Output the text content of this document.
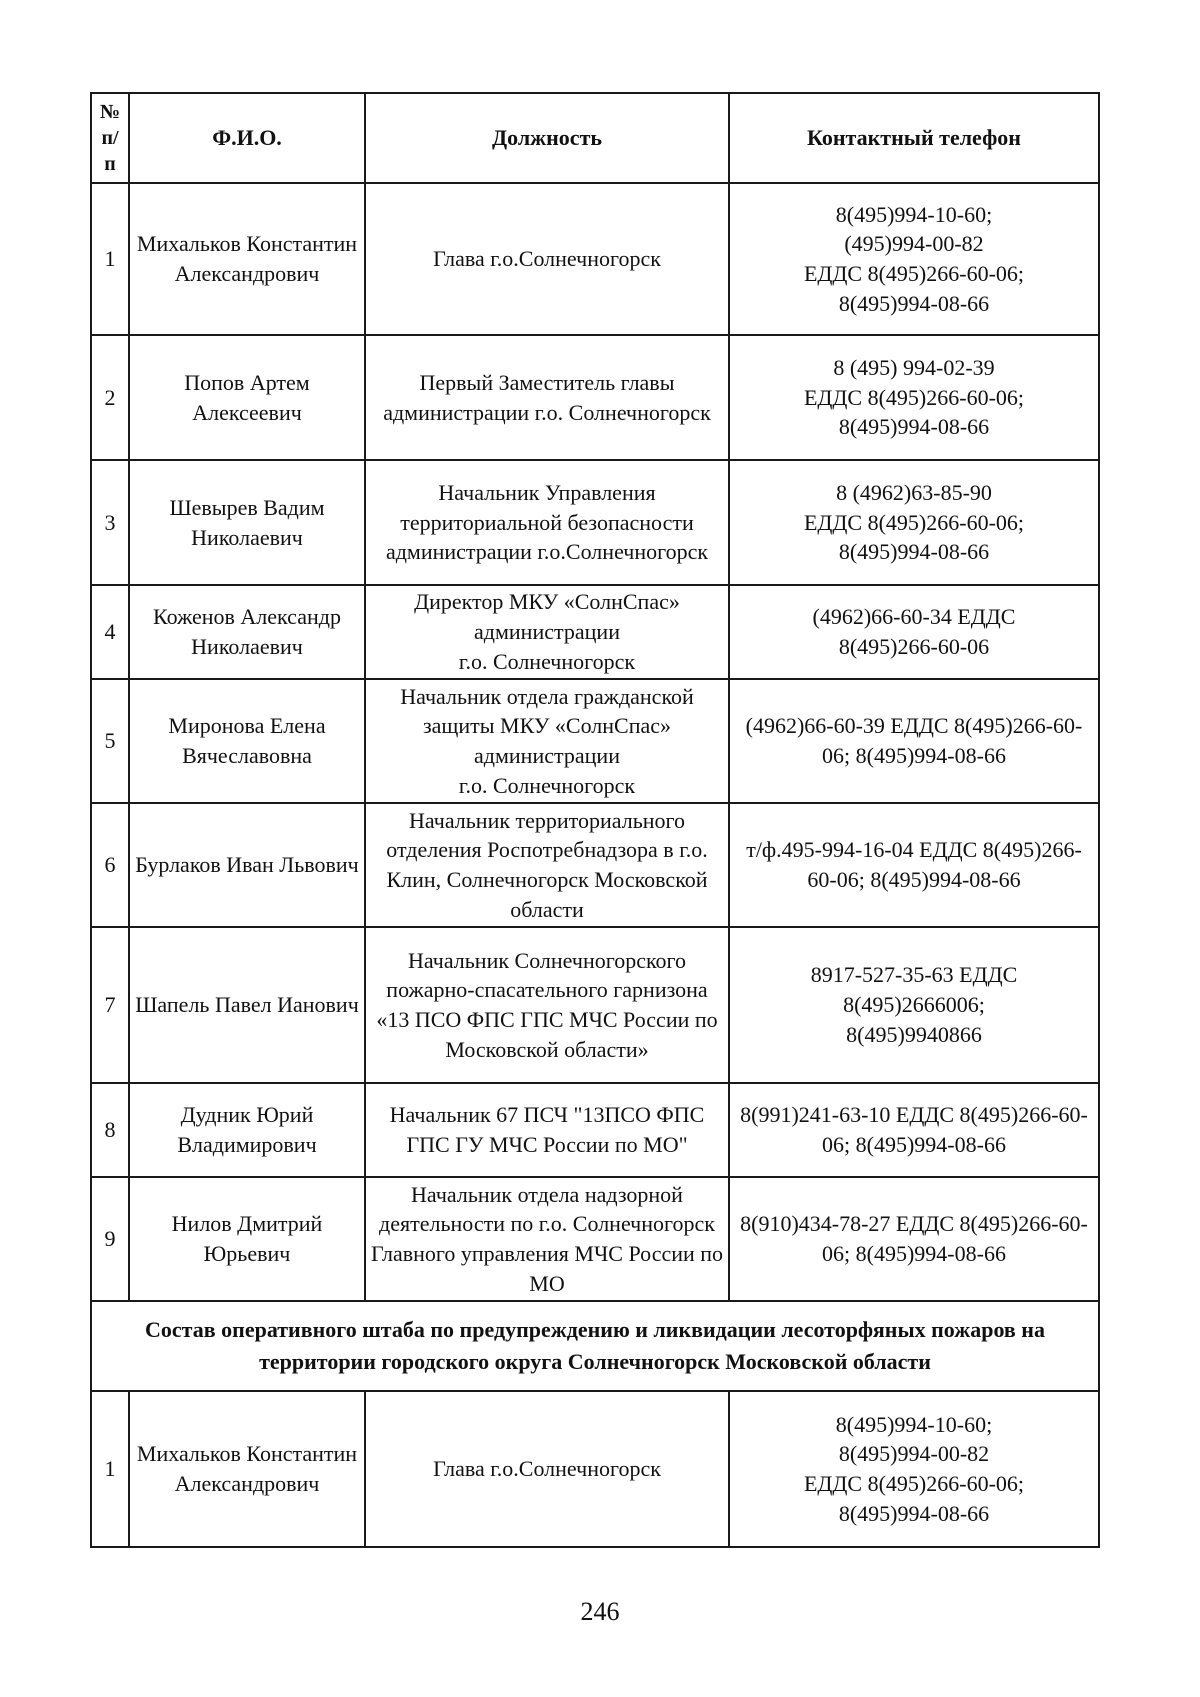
№ п/ п	Ф.И.О.	Должность	Контактный телефон
1	Михальков Константин Александрович	Глава г.о.Солнечногорск	8(495)994-10-60;
(495)994-00-82
ЕДДС 8(495)266-60-06;
8(495)994-08-66
2	Попов Артем
Алексеевич	Первый Заместитель главы администрации г.о. Солнечногорск	8 (495) 994-02-39
ЕДДС 8(495)266-60-06;
8(495)994-08-66
3	Шевырев Вадим
Николаевич	Начальник Управления территориальной безопасности администрации г.о.Солнечногорск	8 (4962)63-85-90
ЕДДС 8(495)266-60-06;
8(495)994-08-66
4	Коженов Александр
Николаевич	Директор МКУ «СолнСпас»
администрации
г.о. Солнечногорск	(4962)66-60-34 ЕДДС
8(495)266-60-06
5	Миронова Елена
Вячеславовна	Начальник отдела гражданской защиты МКУ «СолнСпас»
администрации
г.о. Солнечногорск	(4962)66-60-39 ЕДДС 8(495)266-60-06; 8(495)994-08-66
6	Бурлаков Иван Львович	Начальник территориального отделения Роспотребнадзора в г.о. Клин, Солнечногорск Московской области	т/ф.495-994-16-04 ЕДДС 8(495)266-60-06; 8(495)994-08-66
7	Шапель Павел Ианович	Начальник Солнечногорского пожарно-спасательного гарнизона «13 ПСО ФПС ГПС МЧС России по Московской области»	8917-527-35-63 ЕДДС
8(495)2666006;
8(495)9940866
8	Дудник Юрий
Владимирович	Начальник 67 ПСЧ "13ПСО ФПС ГПС ГУ МЧС России по МО"	8(991)241-63-10 ЕДДС 8(495)266-60-06; 8(495)994-08-66
9	Нилов Дмитрий
Юрьевич	Начальник отдела надзорной деятельности по г.о. Солнечногорск Главного управления МЧС России по МО	8(910)434-78-27 ЕДДС 8(495)266-60-06; 8(495)994-08-66
Состав оперативного штаба по предупреждению и ликвидации лесоторфяных пожаров на территории городского округа Солнечногорск Московской области			
1	Михальков Константин Александрович	Глава г.о.Солнечногорск	8(495)994-10-60;
8(495)994-00-82
ЕДДС 8(495)266-60-06;
8(495)994-08-66
246
